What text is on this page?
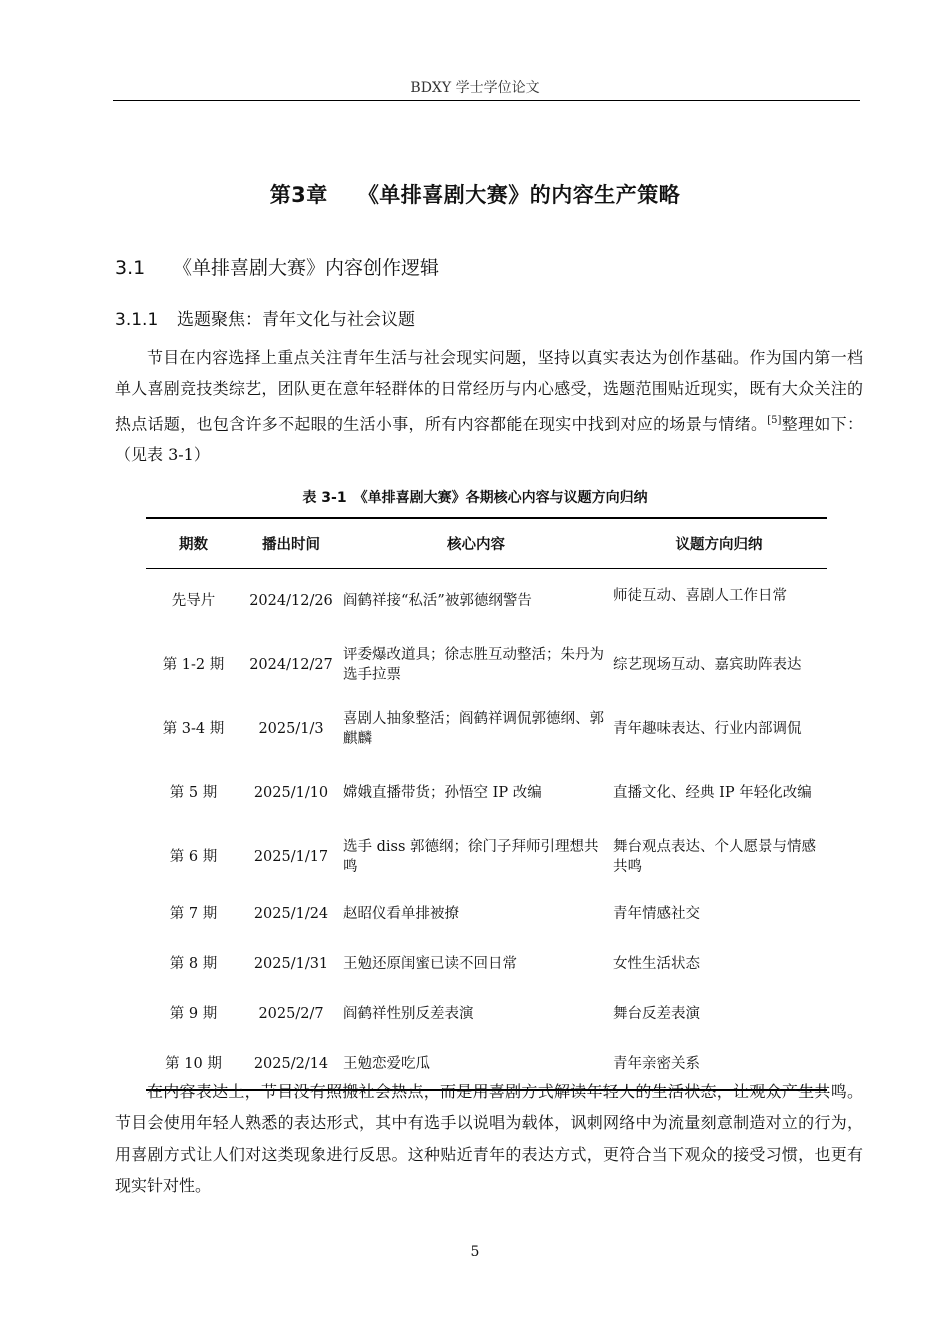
BDXY 学士学位论文
第3章 《单排喜剧大赛》的内容生产策略
3.1 《单排喜剧大赛》内容创作逻辑
3.1.1 选题聚焦：青年文化与社会议题

节目在内容选择上重点关注青年生活与社会现实问题，坚持以真实表达为创作基础。作为国内第一档单人喜剧竞技类综艺，团队更在意年轻群体的日常经历与内心感受，选题范围贴近现实，既有大众关注的热点话题，也包含许多不起眼的生活小事，所有内容都能在现实中找到对应的场景与情绪。[5]整理如下：（见表 3-1）

表 3-1　《单排喜剧大赛》各期核心内容与议题方向归纳
期数	播出时间	核心内容	议题方向归纳
先导片	2024/12/26	阎鹤祥接“私活”被郭德纲警告	师徒互动、喜剧人工作日常

第 1-2 期	2024/12/27	评委爆改道具；徐志胜互动整活；朱丹为选手拉票	综艺现场互动、嘉宾助阵表达
第 3-4 期	2025/1/3	喜剧人抽象整活；阎鹤祥调侃郭德纲、郭麒麟	青年趣味表达、行业内部调侃
第 5 期	2025/1/10	嫦娥直播带货；孙悟空 IP 改编	直播文化、经典 IP 年轻化改编
第 6 期	2025/1/17	选手 diss 郭德纲；徐门子拜师引理想共鸣	舞台观点表达、个人愿景与情感共鸣
第 7 期	2025/1/24	赵昭仪看单排被撩	青年情感社交
第 8 期	2025/1/31	王勉还原闺蜜已读不回日常	女性生活状态
第 9 期	2025/2/7	阎鹤祥性别反差表演	舞台反差表演
第 10 期	2025/2/14	王勉恋爱吃瓜	青年亲密关系

在内容表达上，节目没有照搬社会热点，而是用喜剧方式解读年轻人的生活状态，让观众产生共鸣。节目会使用年轻人熟悉的表达形式，其中有选手以说唱为载体，讽刺网络中为流量刻意制造对立的行为，用喜剧方式让人们对这类现象进行反思。这种贴近青年的表达方式，更符合当下观众的接受习惯，也更有现实针对性。

5
